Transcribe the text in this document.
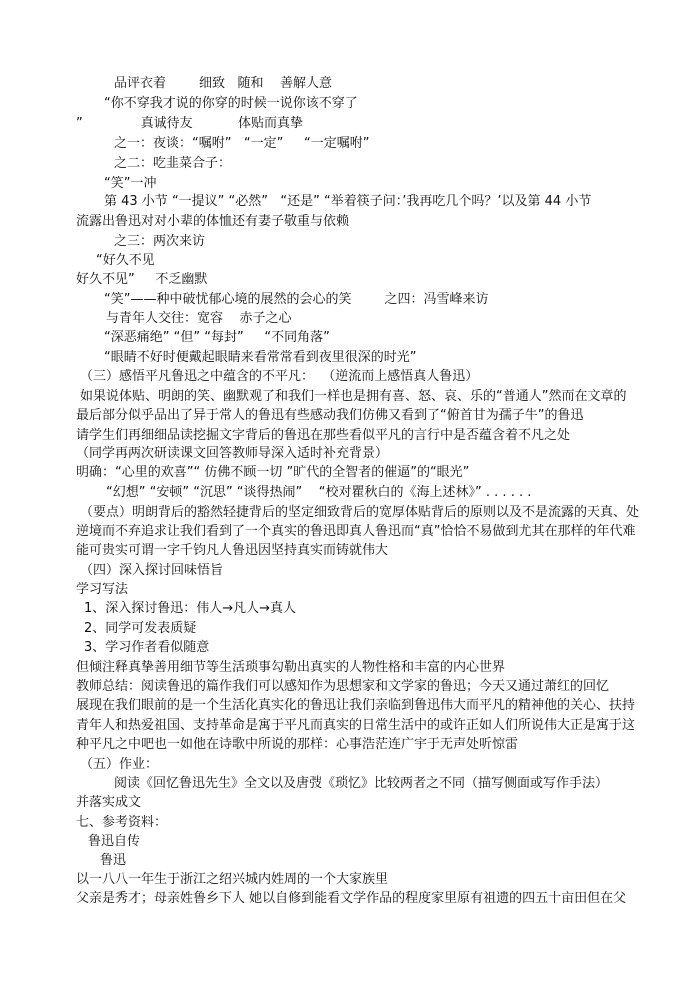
品评衣着        细致   随和    善解人意
“你不穿我才说的你穿的时候一说你该不穿了
”              真诚待友           体贴而真挚
之一：夜谈：“嘱咐”   “一定”     “一定嘱咐”
之二：吃韭菜合子：
“笑”一冲
第 43 小节 “一提议” “必然”   “还是” “举着筷子问：’我再吃几个吗？’以及第 44 小节
流露出鲁迅对对小辈的体恤还有妻子敬重与依赖
之三：两次来访
“好久不见
好久不见”     不乏幽默
“笑”——种中破忧郁心境的展然的会心的笑        之四：冯雪峰来访
与青年人交往：宽容    赤子之心
“深恶痛绝” “但” “每封”     “不同角落”
“眼睛不好时便戴起眼睛来看常常看到夜里很深的时光”
（三）感悟平凡鲁迅之中蕴含的不平凡：  （逆流而上感悟真人鲁迅）
如果说体贴、明朗的笑、幽默观了和我们一样也是拥有喜、怒、哀、乐的“普通人”然而在文章的
最后部分似乎品出了异于常人的鲁迅有些感动我们仿佛又看到了“俯首甘为孺子牛”的鲁迅
请学生们再细细品读挖掘文字背后的鲁迅在那些看似平凡的言行中是否蕴含着不凡之处
（同学再两次研读课文回答教师导深入适时补充背景）
明确：“心里的欢喜”“ 仿佛不顾一切 ”旷代的全智者的催逼”的“眼光”
“幻想” “安顿” “沉思” “谈得热闹”    “校对瞿秋白的《海上述林》” . . . . . .
（要点）明朗背后的豁然轻捷背后的坚定细致背后的宽厚体贴背后的原则以及不是流露的天真、处
逆境而不弃追求让我们看到了一个真实的鲁迅即真人鲁迅而“真”恰恰不易做到尤其在那样的年代难
能可贵实可谓一字千钧凡人鲁迅因坚持真实而铸就伟大
（四）深入探讨回味悟旨
学习写法
1、深入探讨鲁迅：伟人→凡人→真人
2、同学可发表质疑
3、学习作者看似随意
但倾注释真挚善用细节等生活琐事勾勒出真实的人物性格和丰富的内心世界
教师总结：阅读鲁迅的篇作我们可以感知作为思想家和文学家的鲁迅；今天又通过萧红的回忆
展现在我们眼前的是一个生活化真实化的鲁迅让我们亲临到鲁迅伟大而平凡的精神他的关心、扶持
青年人和热爱祖国、支持革命是寓于平凡而真实的日常生活中的或许正如人们所说伟大正是寓于这
种平凡之中吧也一如他在诗歌中所说的那样：心事浩茫连广宇于无声处听惊雷
（五）作业：
阅读《回忆鲁迅先生》全文以及唐弢《琐忆》比较两者之不同（描写侧面或写作手法）
并落实成文
七、参考资料：
鲁迅自传
鲁迅
以一八八一年生于浙江之绍兴城内姓周的一个大家族里
父亲是秀才；母亲姓鲁乡下人 她以自修到能看文学作品的程度家里原有祖遗的四五十亩田但在父
